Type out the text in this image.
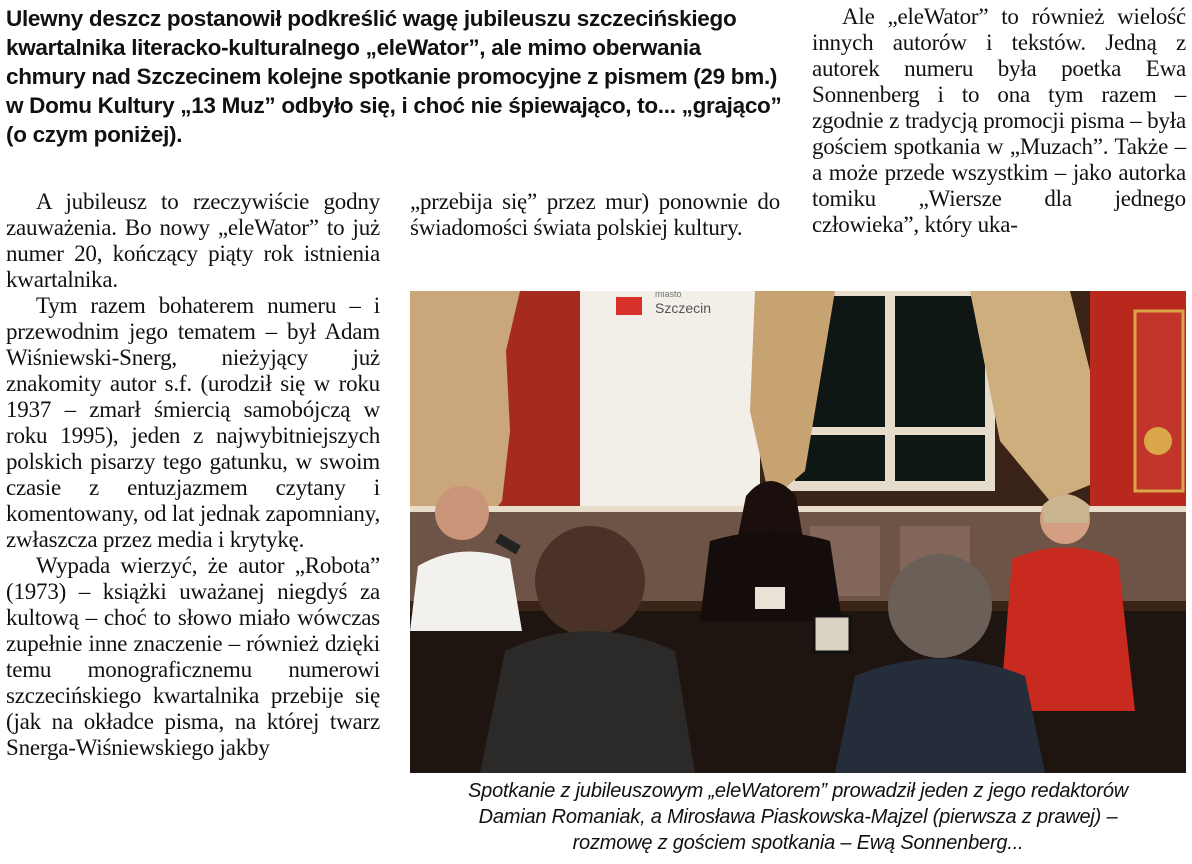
Ulewny deszcz postanowił podkreślić wagę jubileuszu szczecińskiego kwartalnika literacko-kulturalnego „eleWator”, ale mimo oberwania chmury nad Szczecinem kolejne spotkanie promocyjne z pismem (29 bm.) w Domu Kultury „13 Muz” odbyło się, i choć nie śpiewająco, to... „grająco” (o czym poniżej).

A jubileusz to rzeczywiście godny zauważenia. Bo nowy „eleWator” to już numer 20, kończący piąty rok istnienia kwartalnika.

Tym razem bohaterem numeru – i przewodnim jego tematem – był Adam Wiśniewski-Snerg, nieżyjący już znakomity autor s.f. (urodził się w roku 1937 – zmarł śmiercią samobójczą w roku 1995), jeden z najwybitniejszych polskich pisarzy tego gatunku, w swoim czasie z entuzjazmem czytany i komentowany, od lat jednak zapomniany, zwłaszcza przez media i krytykę.

Wypada wierzyć, że autor „Robota” (1973) – książki uważanej niegdyś za kultową – choć to słowo miało wówczas zupełnie inne znaczenie – również dzięki temu monograficznemu numerowi szczecińskiego kwartalnika przebije się (jak na okładce pisma, na której twarz Snerga-Wiśniewskiego jakby

„przebija się” przez mur) ponownie do świadomości świata polskiej kultury.

Ale „eleWator” to również wielość innych autorów i tekstów. Jedną z autorek numeru była poetka Ewa Sonnenberg i to ona tym razem – zgodnie z tradycją promocji pisma – była gościem spotkania w „Muzach”. Także – a może przede wszystkim – jako autorka tomiku „Wiersze dla jednego człowieka”, który uka-

miasto
Szczecin

Spotkanie z jubileuszowym „eleWatorem” prowadził jeden z jego redaktorów
Damian Romaniak, a Mirosława Piaskowska-Majzel (pierwsza z prawej) –
rozmowę z gościem spotkania – Ewą Sonnenberg...
